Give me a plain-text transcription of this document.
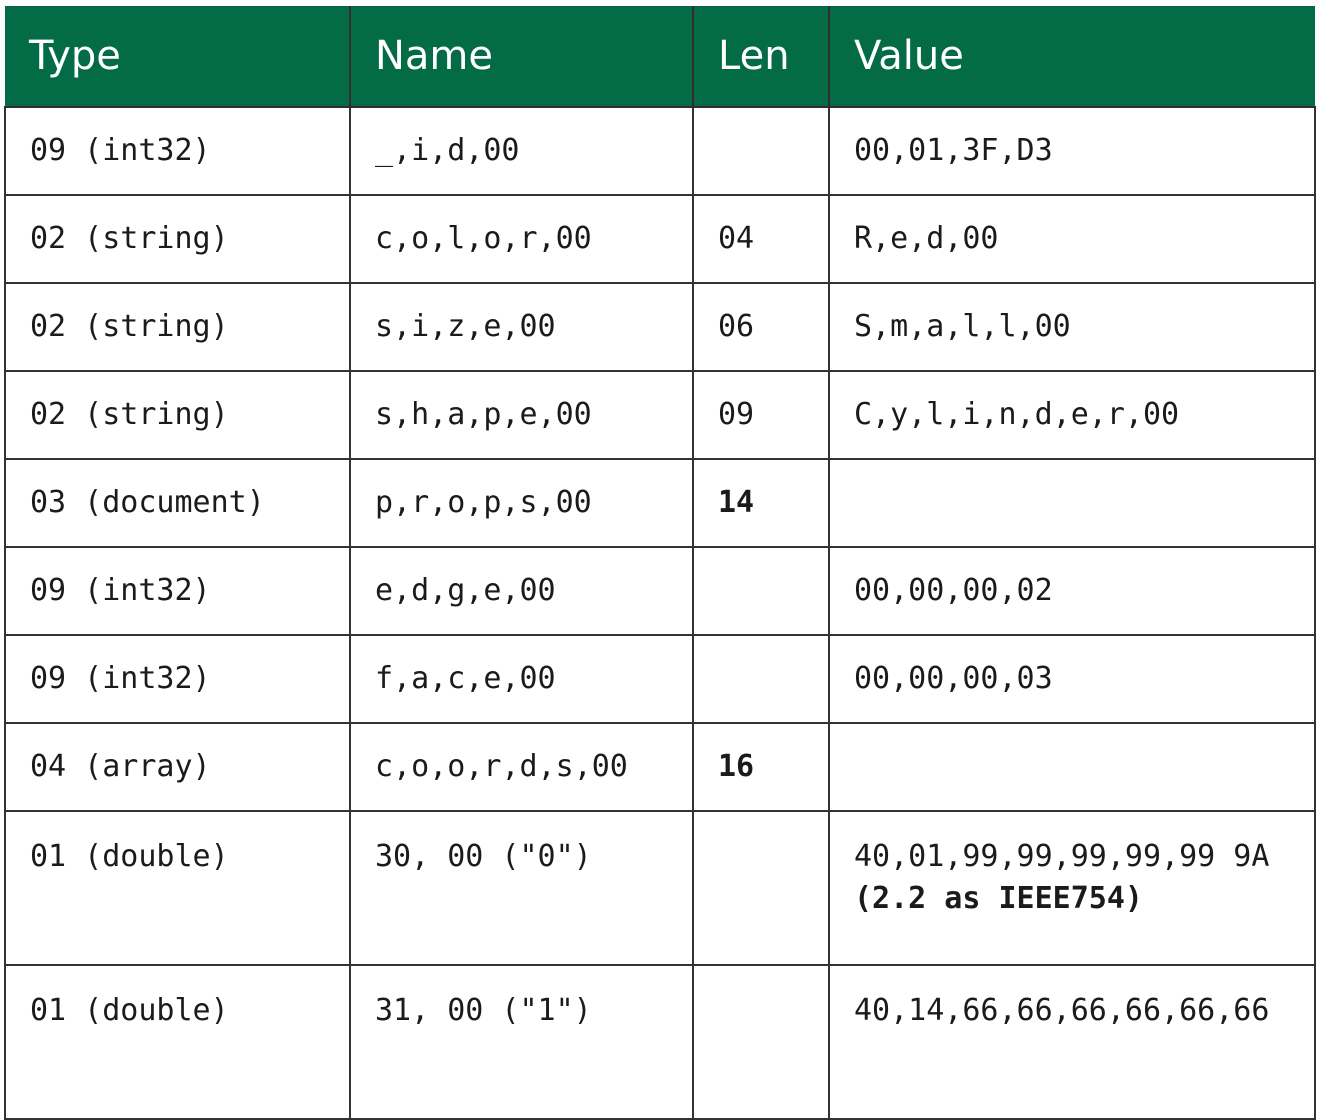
Type	Name	Len	Value
09 (int32)	_,i,d,00		00,01,3F,D3
02 (string)	c,o,l,o,r,00	04	R,e,d,00
02 (string)	s,i,z,e,00	06	S,m,a,l,l,00
02 (string)	s,h,a,p,e,00	09	C,y,l,i,n,d,e,r,00
03 (document)	p,r,o,p,s,00	14	
09 (int32)	e,d,g,e,00		00,00,00,02
09 (int32)	f,a,c,e,00		00,00,00,03
04 (array)	c,o,o,r,d,s,00	16	
01 (double)	30, 00 ("0")		40,01,99,99,99,99,99 9A (2.2 as IEEE754)
01 (double)	31, 00 ("1")		40,14,66,66,66,66,66,66
